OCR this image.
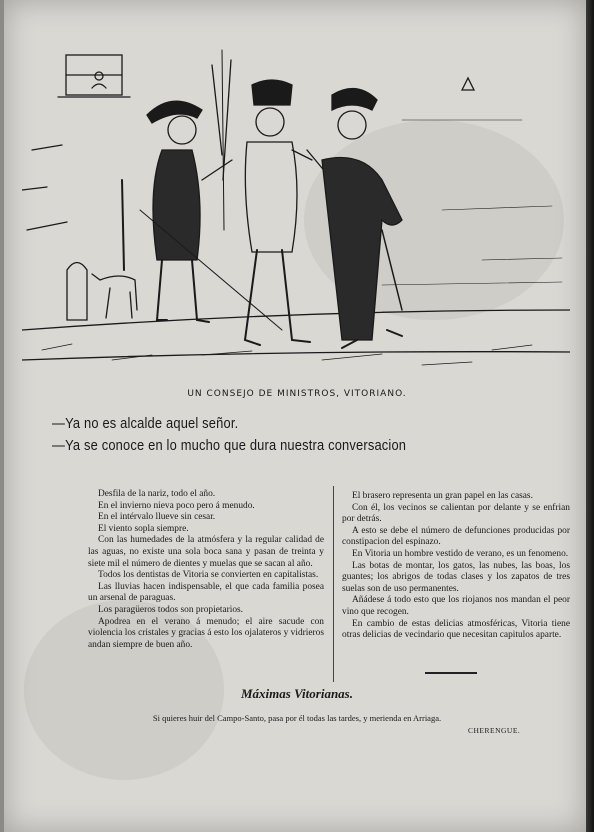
UN CONSEJO DE MINISTROS, VITORIANO.
—Ya no es alcalde aquel señor.
—Ya se conoce en lo mucho que dura nuestra conversacion

Desfila de la nariz, todo el año.

En el invierno nieva poco pero á menudo.

En el intérvalo llueve sin cesar.

El viento sopla siempre.

Con las humedades de la atmósfera y la regular calidad de las aguas, no existe una sola boca sana y pasan de treinta y siete mil el número de dientes y muelas que se sacan al año.

Todos los dentistas de Vitoria se convierten en capitalistas.

Las lluvias hacen indispensable, el que cada familia posea un arsenal de paraguas.

Los paragüeros todos son propietarios.

Apodrea en el verano á menudo; el aire sacude con violencia los cristales y gracias á esto los ojalateros y vidrieros andan siempre de buen año.

El brasero representa un gran papel en las casas.

Con él, los vecinos se calientan por delante y se enfrian por detrás.

A esto se debe el número de defunciones producidas por constipacion del espinazo.

En Vitoria un hombre vestido de verano, es un fenomeno.

Las botas de montar, los gatos, las nubes, las boas, los guantes; los abrigos de todas clases y los zapatos de tres suelas son de uso permanentes.

Añádese á todo esto que los riojanos nos mandan el peor vino que recogen.

En cambio de estas delicias atmosféricas, Vitoria tiene otras delicias de vecindario que necesitan capitulos aparte.

Máximas Vitorianas.
Si quieres huir del Campo-Santo, pasa por él todas las tardes, y merienda en Arriaga.
CHERENGUE.
